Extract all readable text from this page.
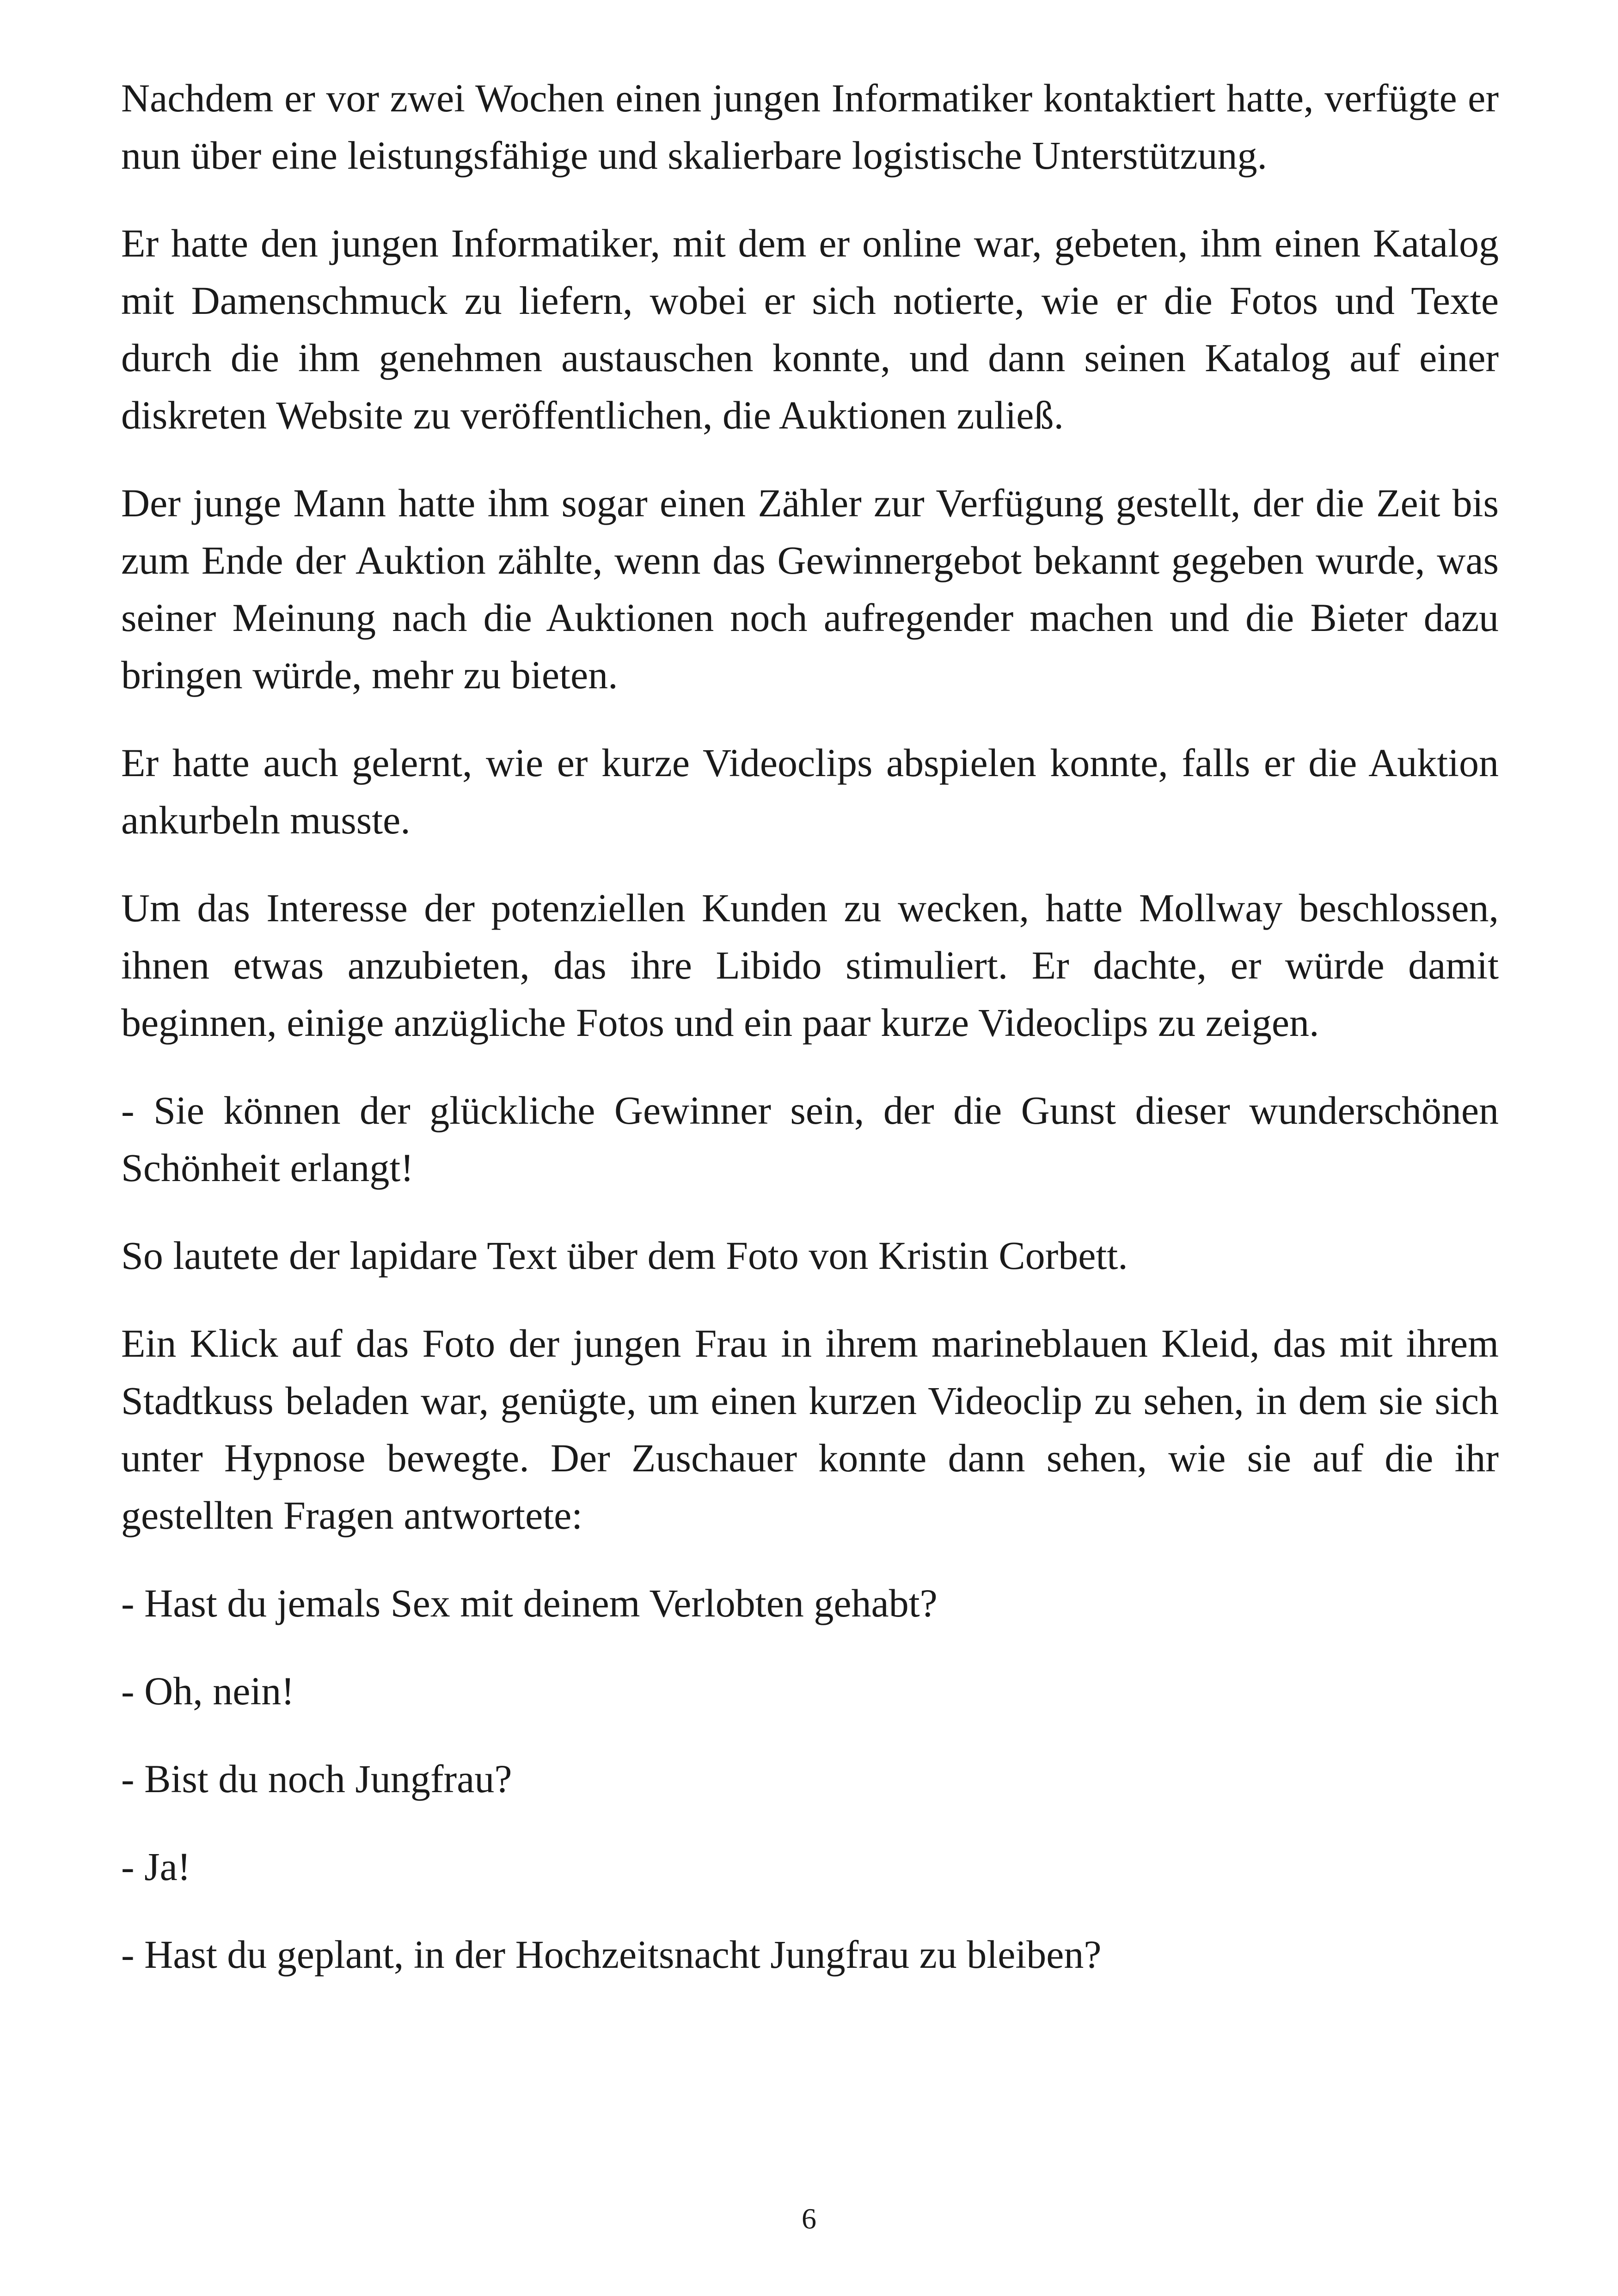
Nachdem er vor zwei Wochen einen jungen Informatiker kontaktiert hatte, verfügte er nun über eine leistungsfähige und skalierbare logistische Unterstützung.

Er hatte den jungen Informatiker, mit dem er online war, gebeten, ihm einen Katalog mit Damenschmuck zu liefern, wobei er sich notierte, wie er die Fotos und Texte durch die ihm genehmen austauschen konnte, und dann seinen Katalog auf einer diskreten Website zu veröffentlichen, die Auktionen zuließ.

Der junge Mann hatte ihm sogar einen Zähler zur Verfügung gestellt, der die Zeit bis zum Ende der Auktion zählte, wenn das Gewinnergebot bekannt gegeben wurde, was seiner Meinung nach die Auktionen noch aufregender machen und die Bieter dazu bringen würde, mehr zu bieten.

Er hatte auch gelernt, wie er kurze Videoclips abspielen konnte, falls er die Auktion ankurbeln musste.

Um das Interesse der potenziellen Kunden zu wecken, hatte Mollway beschlossen, ihnen etwas anzubieten, das ihre Libido stimuliert. Er dachte, er würde damit beginnen, einige anzügliche Fotos und ein paar kurze Videoclips zu zeigen.

- Sie können der glückliche Gewinner sein, der die Gunst dieser wunderschönen Schönheit erlangt!

So lautete der lapidare Text über dem Foto von Kristin Corbett.

Ein Klick auf das Foto der jungen Frau in ihrem marineblauen Kleid, das mit ihrem Stadtkuss beladen war, genügte, um einen kurzen Videoclip zu sehen, in dem sie sich unter Hypnose bewegte. Der Zuschauer konnte dann sehen, wie sie auf die ihr gestellten Fragen antwortete:

- Hast du jemals Sex mit deinem Verlobten gehabt?

- Oh, nein!

- Bist du noch Jungfrau?

- Ja!

- Hast du geplant, in der Hochzeitsnacht Jungfrau zu bleiben?

6
